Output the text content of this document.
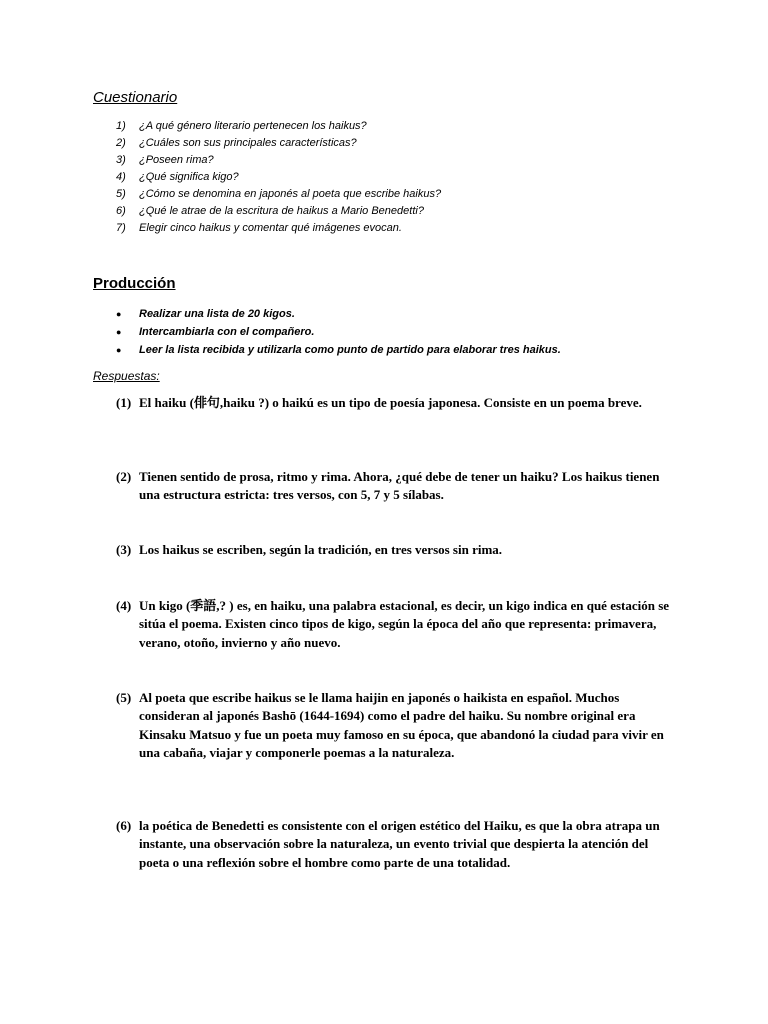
Cuestionario
1)	¿A qué género literario pertenecen los haikus?
2)	¿Cuáles son sus principales características?
3)	¿Poseen rima?
4)	¿Qué significa kigo?
5)	¿Cómo se denomina en japonés al poeta que escribe haikus?
6)	¿Qué le atrae de la escritura de haikus a Mario Benedetti?
7)	Elegir cinco haikus y comentar qué imágenes evocan.
Producción
●	Realizar una lista de 20 kigos.
●	Intercambiarla con el compañero.
●	Leer la lista recibida y utilizarla como punto de partido para elaborar tres haikus.
Respuestas:
(1) El haiku (俳句,haiku ?) o haikú es un tipo de poesía japonesa. Consiste en un poema breve.
(2) Tienen sentido de prosa, ritmo y rima. Ahora, ¿qué debe de tener un haiku? Los haikus tienen una estructura estricta: tres versos, con 5, 7 y 5 sílabas.
(3) Los haikus se escriben, según la tradición, en tres versos sin rima.
(4) Un kigo (季語,? ) es, en haiku, una palabra estacional, es decir, un kigo indica en qué estación se sitúa el poema. Existen cinco tipos de kigo, según la época del año que representa: primavera, verano, otoño, invierno y año nuevo.
(5) Al poeta que escribe haikus se le llama haijin en japonés o haikista en español. Muchos consideran al japonés Bashō (1644-1694) como el padre del haiku. Su nombre original era Kinsaku Matsuo y fue un poeta muy famoso en su época, que abandonó la ciudad para vivir en una cabaña, viajar y componerle poemas a la naturaleza.
(6) la poética de Benedetti es consistente con el origen estético del Haiku, es que la obra atrapa un instante, una observación sobre la naturaleza, un evento trivial que despierta la atención del poeta o una reflexión sobre el hombre como parte de una totalidad.
